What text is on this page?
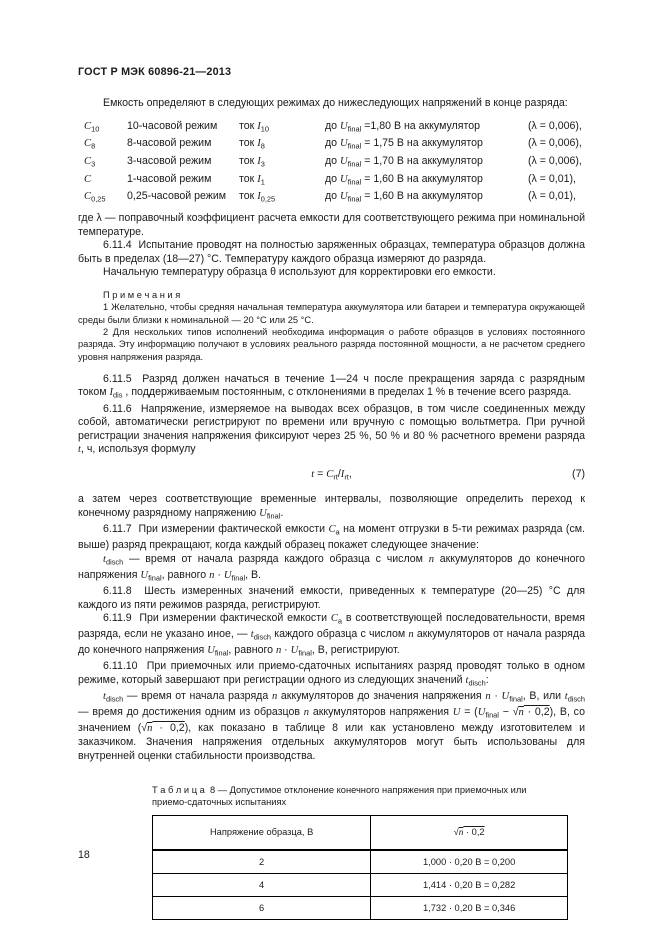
ГОСТ Р МЭК 60896-21—2013

Емкость определяют в следующих режимах до нижеследующих напряжений в конце разряда:

$C_{10}$	10-часовой режим	ток $I_{10}$	до $U_{final} =1,80$ В на аккумулятор	(λ = 0,006),
$C_8$	8-часовой режим	ток $I_8$	до $U_{final} = 1,75$ В на аккумулятор	(λ = 0,006),
$C_3$	3-часовой режим	ток $I_3$	до $U_{final} = 1,70$ В на аккумулятор	(λ = 0,006),
C	1-часовой режим	ток $I_1$	до $U_{final} = 1,60$ В на аккумулятор	(λ = 0,01),
$C_{0,25}$	0,25-часовой режим	ток $I_{0,25}$	до $U_{final} = 1,60$ В на аккумулятор	(λ = 0,01),

где λ — поправочный коэффициент расчета емкости для соответствующего режима при номинальной температуре.

6.11.4  Испытание проводят на полностью заряженных образцах, температура образцов должна быть в пределах (18—27) °С. Температуру каждого образца измеряют до разряда.

Начальную температуру образца θ используют для корректировки его емкости.

П р и м е ч а н и я

1 Желательно, чтобы средняя начальная температура аккумулятора или батареи и температура окружающей среды были близки к номинальной — 20 °С или 25 °С.

2 Для нескольких типов исполнений необходима информация о работе образцов в условиях постоянного разряда. Эту информацию получают в условиях реального разряда постоянной мощности, а не расчетом среднего уровня напряжения разряда.

6.11.5  Разряд должен начаться в течение 1—24 ч после прекращения заряда с разрядным током $I_{dis}$ , поддерживаемым постоянным, с отклонениями в пределах 1 % в течение всего разряда.

6.11.6  Напряжение, измеряемое на выводах всех образцов, в том числе соединенных между собой, автоматически регистрируют по времени или вручную с помощью вольтметра. При ручной регистрации значения напряжения фиксируют через 25 %, 50 % и 80 % расчетного времени разряда t, ч, используя формулу

$t = C_{rt}/I_{rt}$,	(7)

а затем через соответствующие временные интервалы, позволяющие определить переход к конечному разрядному напряжению $U_{final}$.

6.11.7  При измерении фактической емкости $C_a$ на момент отгрузки в 5-ти режимах разряда (см. выше) разряд прекращают, когда каждый образец покажет следующее значение:

$t_{disch}$ — время от начала разряда каждого образца с числом n аккумуляторов до конечного напряжения $U_{final}$, равного $n \cdot U_{final}$, В.

6.11.8  Шесть измеренных значений емкости, приведенных к температуре (20—25) °С для каждого из пяти режимов разряда, регистрируют.

6.11.9  При измерении фактической емкости $C_a$ в соответствующей последовательности, время разряда, если не указано иное, — $t_{disch}$ каждого образца с числом n аккумуляторов от начала разряда до конечного напряжения $U_{final}$, равного $n \cdot U_{final}$, В, регистрируют.

6.11.10  При приемочных или приемо-сдаточных испытаниях разряд проводят только в одном режиме, который завершают при регистрации одного из следующих значений $t_{disch}$:

$t_{disch}$ — время от начала разряда n аккумуляторов до значения напряжения $n \cdot U_{final}$, В, или $t_{disch}$ — время до достижения одним из образцов n аккумуляторов напряжения $U = (U_{final} - √n \cdot 0,2)$, В, со значением (√n · 0,2), как показано в таблице 8 или как установлено между изготовителем и заказчиком. Значения напряжения отдельных аккумуляторов могут быть использованы для внутренней оценки стабильности производства.

Т а б л и ц а  8 — Допустимое отклонение конечного напряжения при приемочных или приемо-сдаточных испытаниях

Напряжение образца, В	√n · 0,2
2	1,000 · 0,20 В = 0,200
4	1,414 · 0,20 В = 0,282
6	1,732 · 0,20 В = 0,346
18
